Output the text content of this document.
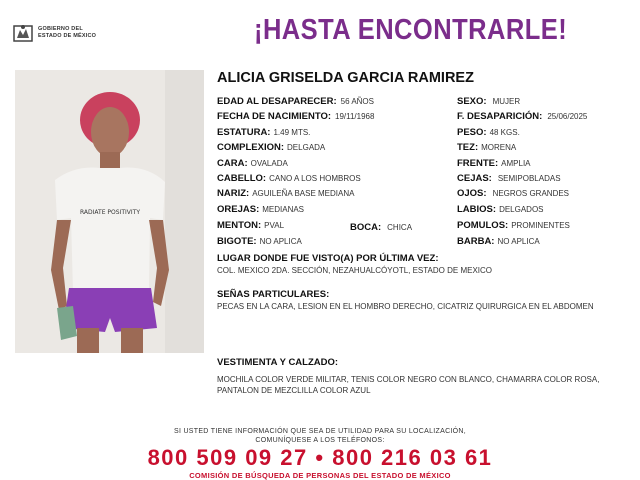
GOBIERNO DEL
ESTADO DE MÉXICO	¡HASTA ENCONTRARLE!
RADIATE POSITIVITY
ALICIA GRISELDA GARCIA RAMIREZ
EDAD AL DESAPARECER: 56 AÑOS
FECHA DE NACIMIENTO: 19/11/1968
ESTATURA: 1.49 MTS.
COMPLEXION: DELGADA
CARA: OVALADA
CABELLO: CANO A LOS HOMBROS
NARIZ: AGUILEÑA BASE MEDIANA
OREJAS: MEDIANAS
MENTON: PVAL	BOCA: CHICA
BIGOTE: NO APLICA
SEXO: MUJER
F. DESAPARICIÓN: 25/06/2025
PESO: 48 KGS.
TEZ: MORENA
FRENTE: AMPLIA
CEJAS: SEMIPOBLADAS
OJOS: NEGROS GRANDES
LABIOS: DELGADOS
POMULOS: PROMINENTES
BARBA: NO APLICA
LUGAR DONDE FUE VISTO(A) POR ÚLTIMA VEZ:
COL. MEXICO 2DA. SECCIÓN, NEZAHUALCÓYOTL, ESTADO DE MEXICO
SEÑAS PARTICULARES:
PECAS EN LA CARA, LESION EN EL HOMBRO DERECHO, CICATRIZ QUIRURGICA EN EL ABDOMEN
VESTIMENTA Y CALZADO:
MOCHILA COLOR VERDE MILITAR, TENIS COLOR NEGRO CON BLANCO, CHAMARRA COLOR ROSA, PANTALON DE MEZCLILLA COLOR AZUL
SI USTED TIENE INFORMACIÓN QUE SEA DE UTILIDAD PARA SU LOCALIZACIÓN,
COMUNÍQUESE A LOS TELÉFONOS:
800 509 09 27 • 800 216 03 61
COMISIÓN DE BÚSQUEDA DE PERSONAS DEL ESTADO DE MÉXICO
